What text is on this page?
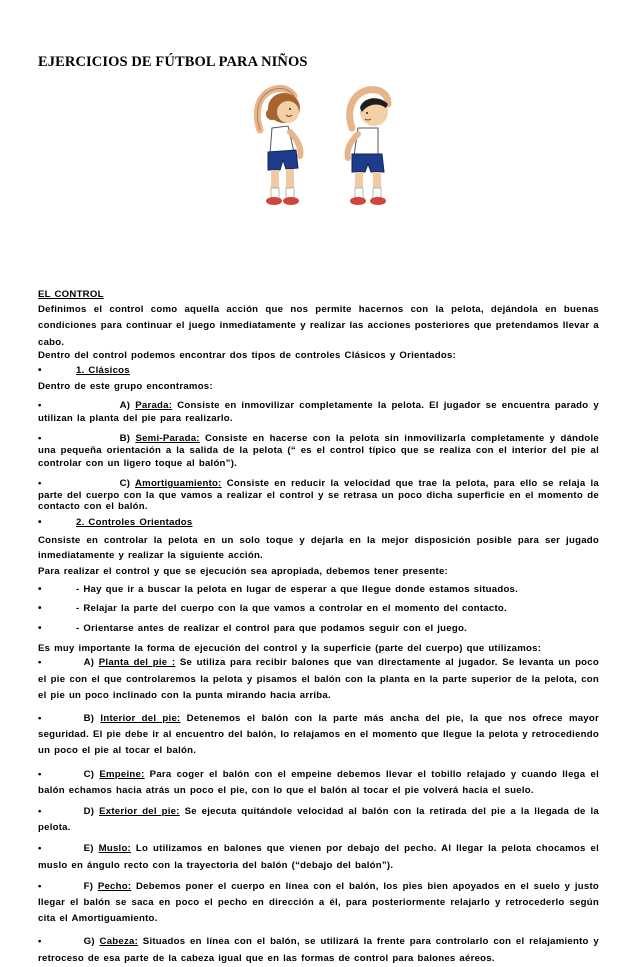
EJERCICIOS DE FÚTBOL PARA NIÑOS

EL CONTROL

Definimos el control como aquella acción que nos permite hacernos con la pelota, dejándola en buenas condiciones para continuar el juego inmediatamente y realizar las acciones posteriores que pretendamos llevar a cabo.

Dentro del control podemos encontrar dos tipos de controles Clásicos y Orientados:

•	1. Clásicos

Dentro de este grupo encontramos:

•	A) Parada: Consiste en inmovilizar completamente la pelota. El jugador se encuentra parado y utilizan la planta del pie para realizarlo.

•	B) Semi-Parada: Consiste en hacerse con la pelota sin inmovilizarla completamente y dándole una pequeña orientación a la salida de la pelota (“ es el control típico que se realiza con el interior del pie al controlar con un ligero toque al balón”).

•	C) Amortiguamiento: Consiste en reducir la velocidad que trae la pelota, para ello se relaja la parte del cuerpo con la que vamos a realizar el control y se retrasa un poco dicha superficie en el momento de contacto con el balón.

•	2. Controles Orientados

Consiste en controlar la pelota en un solo toque y dejarla en la mejor disposición posible para ser jugado inmediatamente y realizar la siguiente acción.

Para realizar el control y que se ejecución sea apropiada, debemos tener presente:

•	- Hay que ir a buscar la pelota en lugar de esperar a que llegue donde estamos situados.
•	- Relajar la parte del cuerpo con la que vamos a controlar en el momento del contacto.
•	- Orientarse antes de realizar el control para que podamos seguir con el juego.

Es muy importante la forma de ejecución del control y la superficie (parte del cuerpo) que utilizamos:

•	A) Planta del pie : Se utiliza para recibir balones que van directamente al jugador. Se levanta un poco el pie con el que controlaremos la pelota y pisamos el balón con la planta en la parte superior de la pelota, con el pie un poco inclinado con la punta mirando hacia arriba.

•	B) Interior del pie: Detenemos el balón con la parte más ancha del pie, la que nos ofrece mayor seguridad. El pie debe ir al encuentro del balón, lo relajamos en el momento que llegue la pelota y retrocediendo un poco el pie al tocar el balón.

•	C) Empeine: Para coger el balón con el empeine debemos llevar el tobillo relajado y cuando llega el balón echamos hacia atrás un poco el pie, con lo que el balón al tocar el pie volverá hacia el suelo.

•	D) Exterior del pie: Se ejecuta quitándole velocidad al balón con la retirada del pie a la llegada de la pelota.

•	E) Muslo: Lo utilizamos en balones que vienen por debajo del pecho. Al llegar la pelota chocamos el muslo en ángulo recto con la trayectoria del balón (“debajo del balón”).

•	F) Pecho: Debemos poner el cuerpo en línea con el balón, los pies bien apoyados en el suelo y justo llegar el balón se saca en poco el pecho en dirección a él, para posteriormente relajarlo y retrocederlo según cita el Amortiguamiento.

•	G) Cabeza: Situados en línea con el balón, se utilizará la frente para controlarlo con el relajamiento y retroceso de esa parte de la cabeza igual que en las formas de control para balones aéreos.
